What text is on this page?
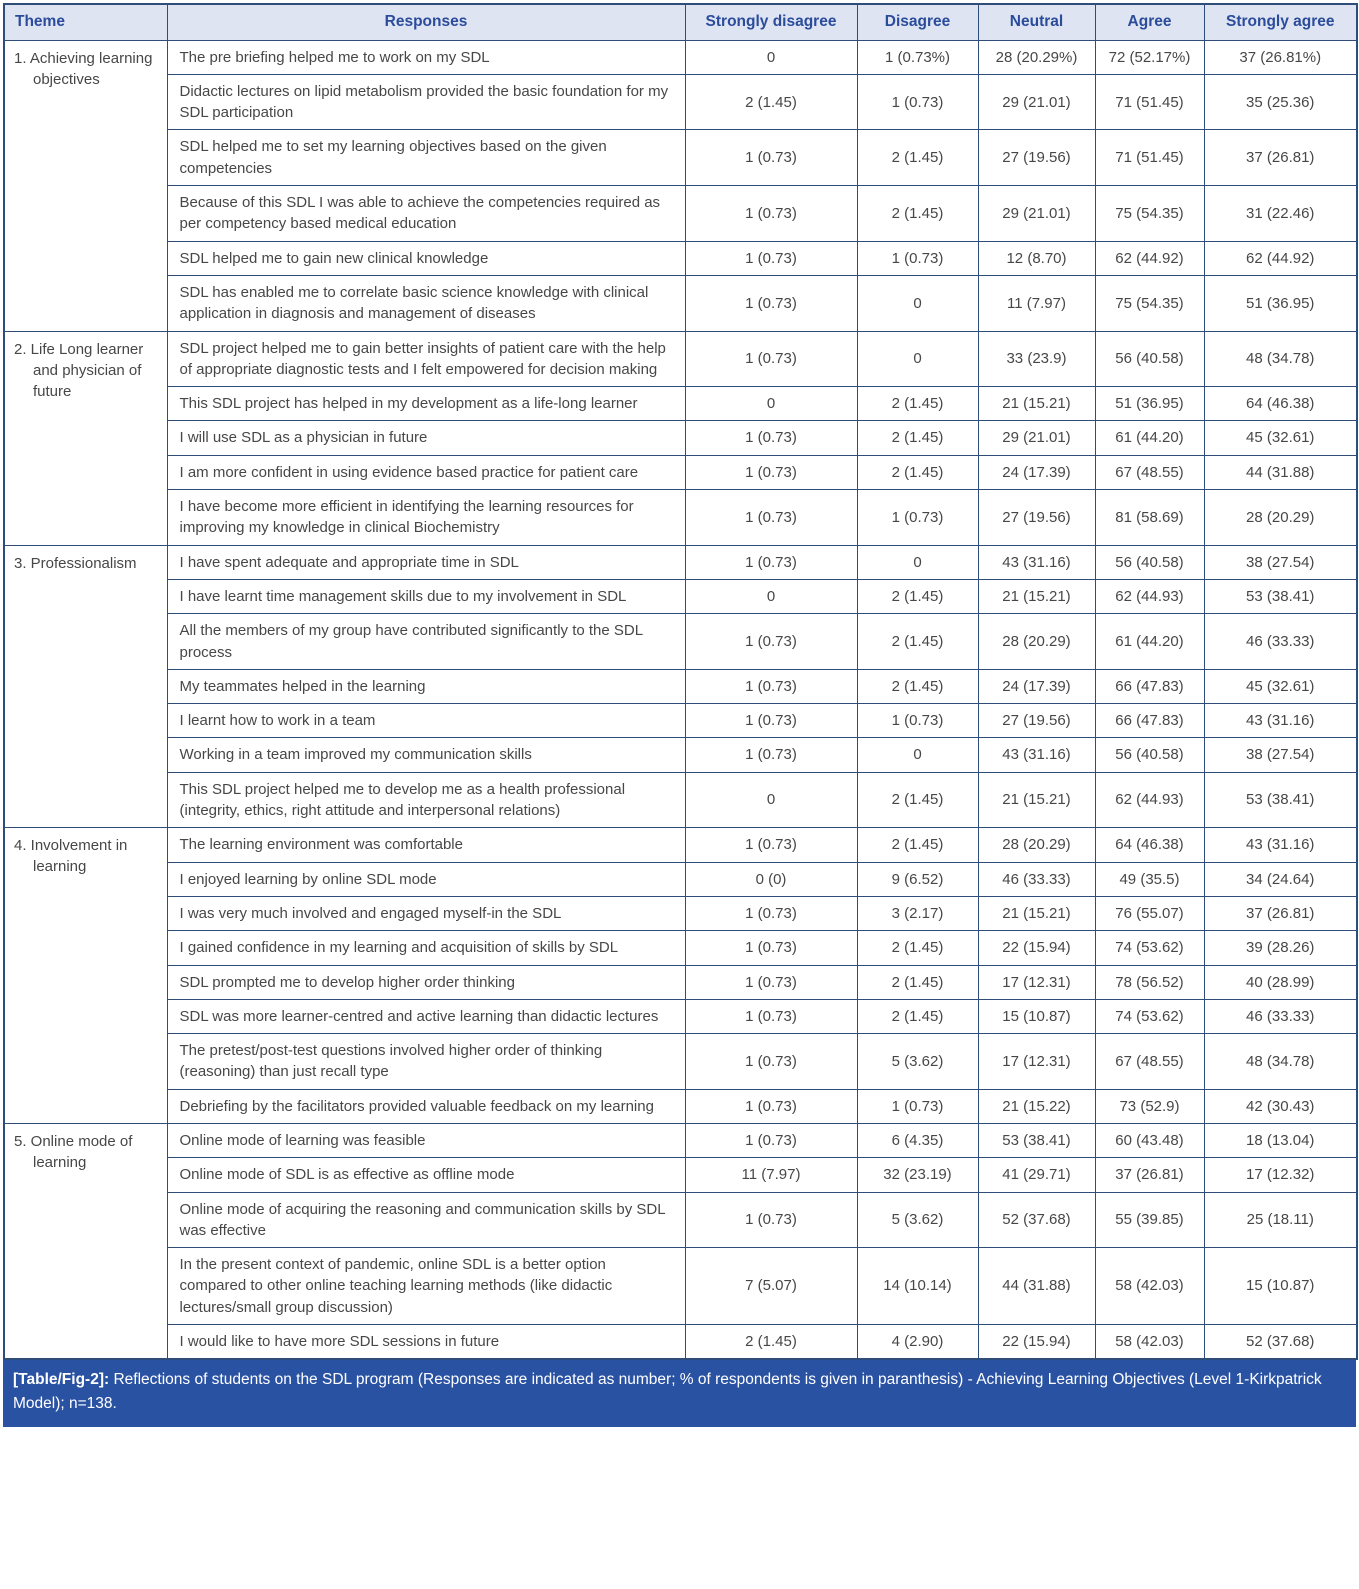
Theme	Responses	Strongly disagree	Disagree	Neutral	Agree	Strongly agree
1. Achieving learning objectives	The pre briefing helped me to work on my SDL	0	1 (0.73%)	28 (20.29%)	72 (52.17%)	37 (26.81%)
	Didactic lectures on lipid metabolism provided the basic foundation for my SDL participation	2 (1.45)	1 (0.73)	29 (21.01)	71 (51.45)	35 (25.36)
	SDL helped me to set my learning objectives based on the given competencies	1 (0.73)	2 (1.45)	27 (19.56)	71 (51.45)	37 (26.81)
	Because of this SDL I was able to achieve the competencies required as per competency based medical education	1 (0.73)	2 (1.45)	29 (21.01)	75 (54.35)	31 (22.46)
	SDL helped me to gain new clinical knowledge	1 (0.73)	1 (0.73)	12 (8.70)	62 (44.92)	62 (44.92)
	SDL has enabled me to correlate basic science knowledge with clinical application in diagnosis and management of diseases	1 (0.73)	0	11 (7.97)	75 (54.35)	51 (36.95)
2. Life Long learner and physician of future	SDL project helped me to gain better insights of patient care with the help of appropriate diagnostic tests and I felt empowered for decision making	1 (0.73)	0	33 (23.9)	56 (40.58)	48 (34.78)
	This SDL project has helped in my development as a life-long learner	0	2 (1.45)	21 (15.21)	51 (36.95)	64 (46.38)
	I will use SDL as a physician in future	1 (0.73)	2 (1.45)	29 (21.01)	61 (44.20)	45 (32.61)
	I am more confident in using evidence based practice for patient care	1 (0.73)	2 (1.45)	24 (17.39)	67 (48.55)	44 (31.88)
	I have become more efficient in identifying the learning resources for improving my knowledge in clinical Biochemistry	1 (0.73)	1 (0.73)	27 (19.56)	81 (58.69)	28 (20.29)
3. Professionalism	I have spent adequate and appropriate time in SDL	1 (0.73)	0	43 (31.16)	56 (40.58)	38 (27.54)
	I have learnt time management skills due to my involvement in SDL	0	2 (1.45)	21 (15.21)	62 (44.93)	53 (38.41)
	All the members of my group have contributed significantly to the SDL process	1 (0.73)	2 (1.45)	28 (20.29)	61 (44.20)	46 (33.33)
	My teammates helped in the learning	1 (0.73)	2 (1.45)	24 (17.39)	66 (47.83)	45 (32.61)
	I learnt how to work in a team	1 (0.73)	1 (0.73)	27 (19.56)	66 (47.83)	43 (31.16)
	Working in a team improved my communication skills	1 (0.73)	0	43 (31.16)	56 (40.58)	38 (27.54)
	This SDL project helped me to develop me as a health professional (integrity, ethics, right attitude and interpersonal relations)	0	2 (1.45)	21 (15.21)	62 (44.93)	53 (38.41)
4. Involvement in learning	The learning environment was comfortable	1 (0.73)	2 (1.45)	28 (20.29)	64 (46.38)	43 (31.16)
	I enjoyed learning by online SDL mode	0 (0)	9 (6.52)	46 (33.33)	49 (35.5)	34 (24.64)
	I was very much involved and engaged myself-in the SDL	1 (0.73)	3 (2.17)	21 (15.21)	76 (55.07)	37 (26.81)
	I gained confidence in my learning and acquisition of skills by SDL	1 (0.73)	2 (1.45)	22 (15.94)	74 (53.62)	39 (28.26)
	SDL prompted me to develop higher order thinking	1 (0.73)	2 (1.45)	17 (12.31)	78 (56.52)	40 (28.99)
	SDL was more learner-centred and active learning than didactic lectures	1 (0.73)	2 (1.45)	15 (10.87)	74 (53.62)	46 (33.33)
	The pretest/post-test questions involved higher order of thinking (reasoning) than just recall type	1 (0.73)	5 (3.62)	17 (12.31)	67 (48.55)	48 (34.78)
	Debriefing by the facilitators provided valuable feedback on my learning	1 (0.73)	1 (0.73)	21 (15.22)	73 (52.9)	42 (30.43)
5. Online mode of learning	Online mode of learning was feasible	1 (0.73)	6 (4.35)	53 (38.41)	60 (43.48)	18 (13.04)
	Online mode of SDL is as effective as offline mode	11 (7.97)	32 (23.19)	41 (29.71)	37 (26.81)	17 (12.32)
	Online mode of acquiring the reasoning and communication skills by SDL was effective	1 (0.73)	5 (3.62)	52 (37.68)	55 (39.85)	25 (18.11)
	In the present context of pandemic, online SDL is a better option compared to other online teaching learning methods (like didactic lectures/small group discussion)	7 (5.07)	14 (10.14)	44 (31.88)	58 (42.03)	15 (10.87)
	I would like to have more SDL sessions in future	2 (1.45)	4 (2.90)	22 (15.94)	58 (42.03)	52 (37.68)
[Table/Fig-2]: Reflections of students on the SDL program (Responses are indicated as number; % of respondents is given in paranthesis) - Achieving Learning Objectives (Level 1-Kirkpatrick Model); n=138.
